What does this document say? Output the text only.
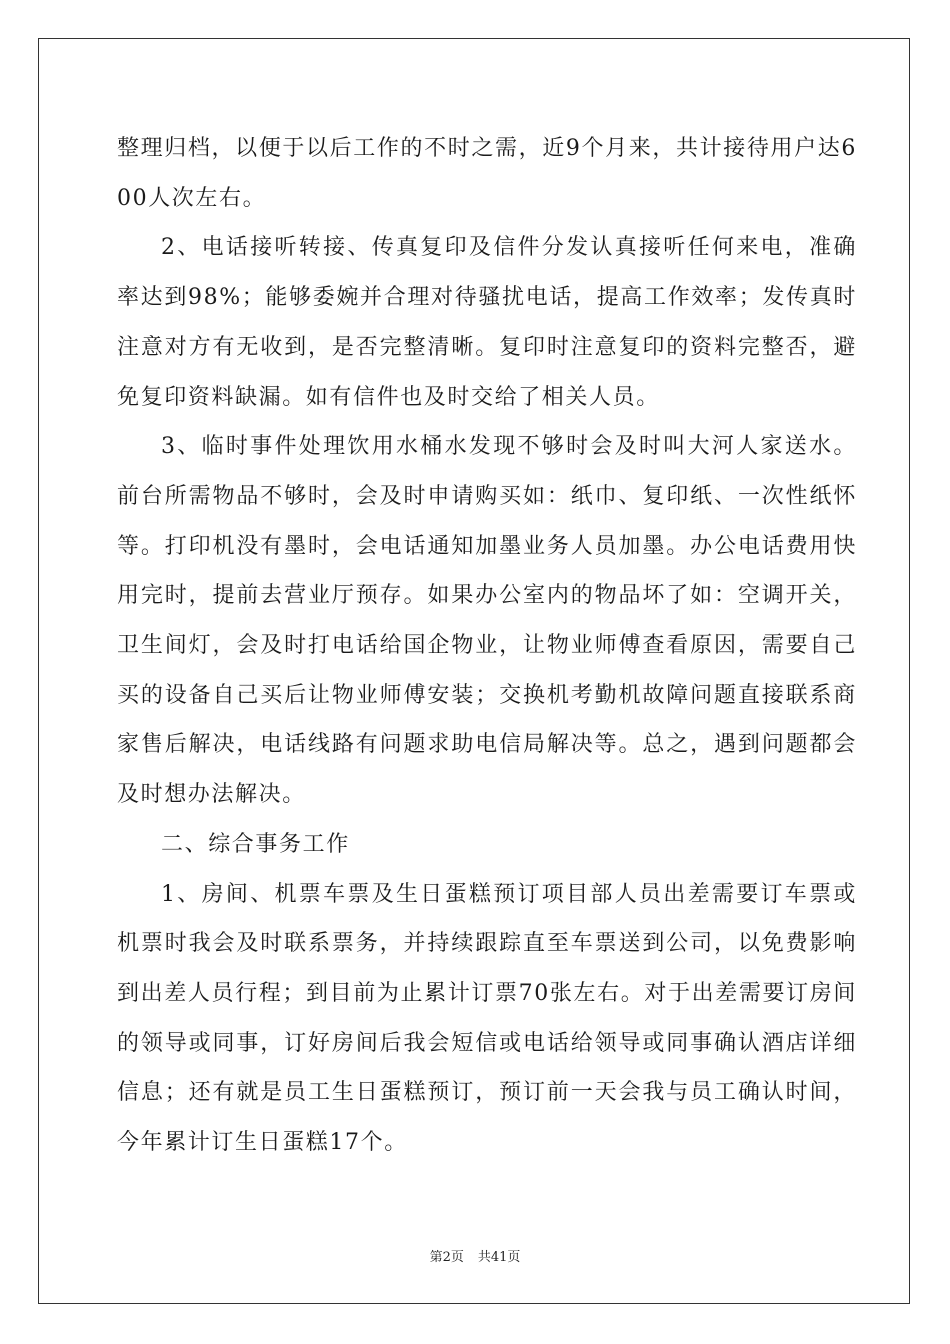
整理归档，以便于以后工作的不时之需，近9个月来，共计接待用户达600人次左右。

2、电话接听转接、传真复印及信件分发认真接听任何来电，准确率达到98%；能够委婉并合理对待骚扰电话，提高工作效率；发传真时注意对方有无收到，是否完整清晰。复印时注意复印的资料完整否，避免复印资料缺漏。如有信件也及时交给了相关人员。

3、临时事件处理饮用水桶水发现不够时会及时叫大河人家送水。前台所需物品不够时，会及时申请购买如：纸巾、复印纸、一次性纸怀等。打印机没有墨时，会电话通知加墨业务人员加墨。办公电话费用快用完时，提前去营业厅预存。如果办公室内的物品坏了如：空调开关，卫生间灯，会及时打电话给国企物业，让物业师傅查看原因，需要自己买的设备自己买后让物业师傅安装；交换机考勤机故障问题直接联系商家售后解决，电话线路有问题求助电信局解决等。总之，遇到问题都会及时想办法解决。

二、综合事务工作

1、房间、机票车票及生日蛋糕预订项目部人员出差需要订车票或机票时我会及时联系票务，并持续跟踪直至车票送到公司，以免费影响到出差人员行程；到目前为止累计订票70张左右。对于出差需要订房间的领导或同事，订好房间后我会短信或电话给领导或同事确认酒店详细信息；还有就是员工生日蛋糕预订，预订前一天会我与员工确认时间，今年累计订生日蛋糕17个。

第2页 共41页
